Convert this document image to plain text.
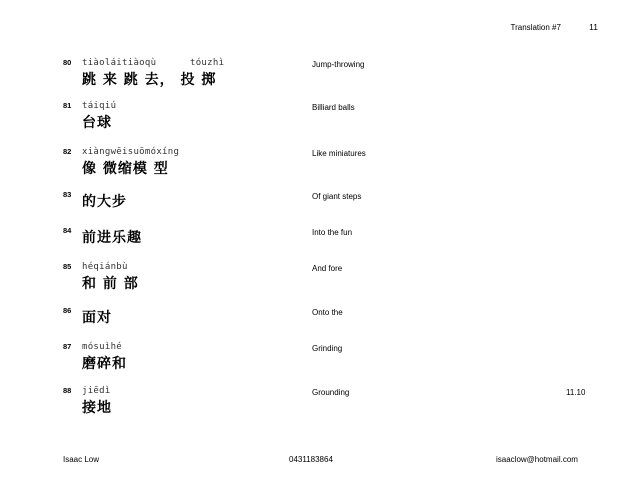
Translation #7	11
80 tiàoláitiàoqù	tóuzhì
跳 来 跳 去， 投 掷
Jump-throwing
81 táiqiú
台球
Billiard balls
82 xiàngwēisuōmóxíng
像 微缩模 型
Like miniatures
83 的大步	Of giant steps
84 前进乐趣	Into the fun
85 héqiánbù
和 前 部
And fore
86 面对	Onto the
87 mósuìhé
磨碎和
Grinding
88 jiēdì
接地
Grounding	11.10
Isaac Low	0431183864	isaaclow@hotmail.com
